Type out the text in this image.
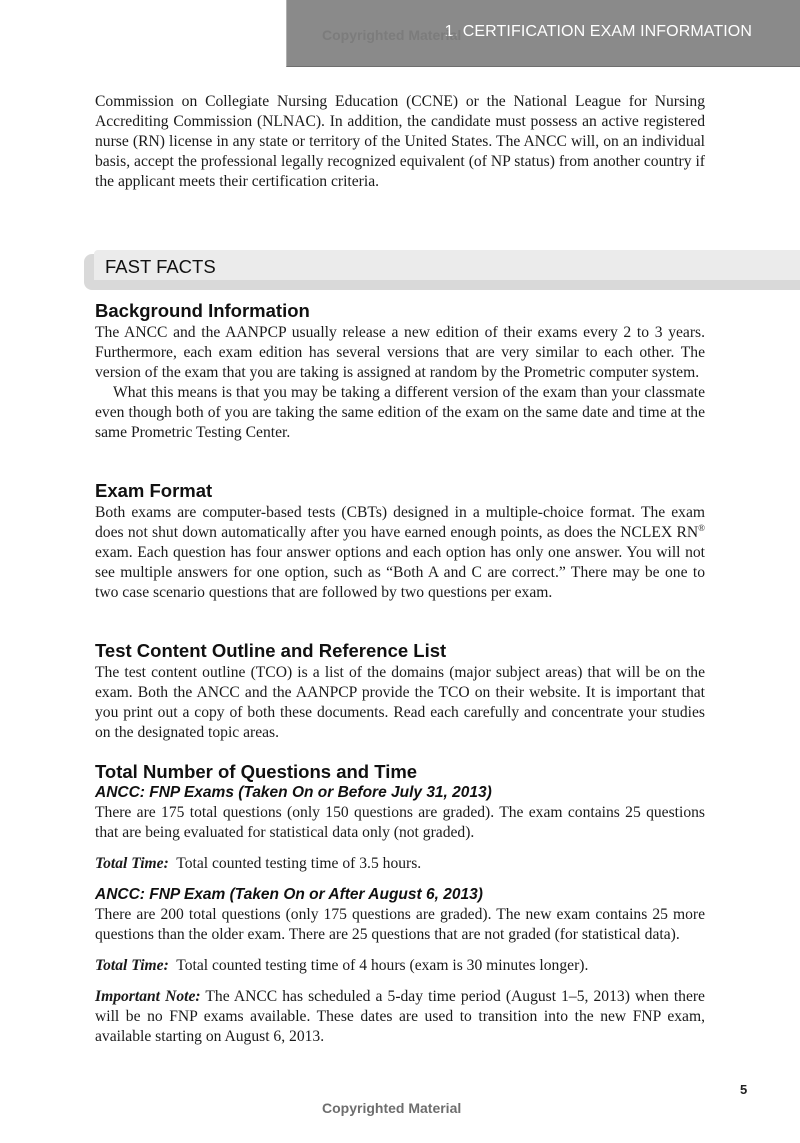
1. CERTIFICATION EXAM INFORMATION
Copyrighted Material

Commission on Collegiate Nursing Education (CCNE) or the National League for Nursing Accrediting Commission (NLNAC). In addition, the candidate must possess an active registered nurse (RN) license in any state or territory of the United States. The ANCC will, on an individual basis, accept the professional legally recognized equivalent (of NP status) from another country if the applicant meets their certification criteria.

FAST FACTS
Background Information

The ANCC and the AANPCP usually release a new edition of their exams every 2 to 3 years. Furthermore, each exam edition has several versions that are very similar to each other. The version of the exam that you are taking is assigned at random by the Prometric computer system.

What this means is that you may be taking a different version of the exam than your classmate even though both of you are taking the same edition of the exam on the same date and time at the same Prometric Testing Center.

Exam Format

Both exams are computer-based tests (CBTs) designed in a multiple-choice format. The exam does not shut down automatically after you have earned enough points, as does the NCLEX RN® exam. Each question has four answer options and each option has only one answer. You will not see multiple answers for one option, such as “Both A and C are correct.” There may be one to two case scenario questions that are followed by two questions per exam.

Test Content Outline and Reference List

The test content outline (TCO) is a list of the domains (major subject areas) that will be on the exam. Both the ANCC and the AANPCP provide the TCO on their website. It is important that you print out a copy of both these documents. Read each carefully and concentrate your studies on the designated topic areas.

Total Number of Questions and Time
ANCC: FNP Exams (Taken On or Before July 31, 2013)

There are 175 total questions (only 150 questions are graded). The exam contains 25 questions that are being evaluated for statistical data only (not graded).

Total Time:  Total counted testing time of 3.5 hours.

ANCC: FNP Exam (Taken On or After August 6, 2013)

There are 200 total questions (only 175 questions are graded). The new exam contains 25 more questions than the older exam. There are 25 questions that are not graded (for statistical data).

Total Time:  Total counted testing time of 4 hours (exam is 30 minutes longer).

Important Note: The ANCC has scheduled a 5-day time period (August 1–5, 2013) when there will be no FNP exams available. These dates are used to transition into the new FNP exam, available starting on August 6, 2013.

5
Copyrighted Material
